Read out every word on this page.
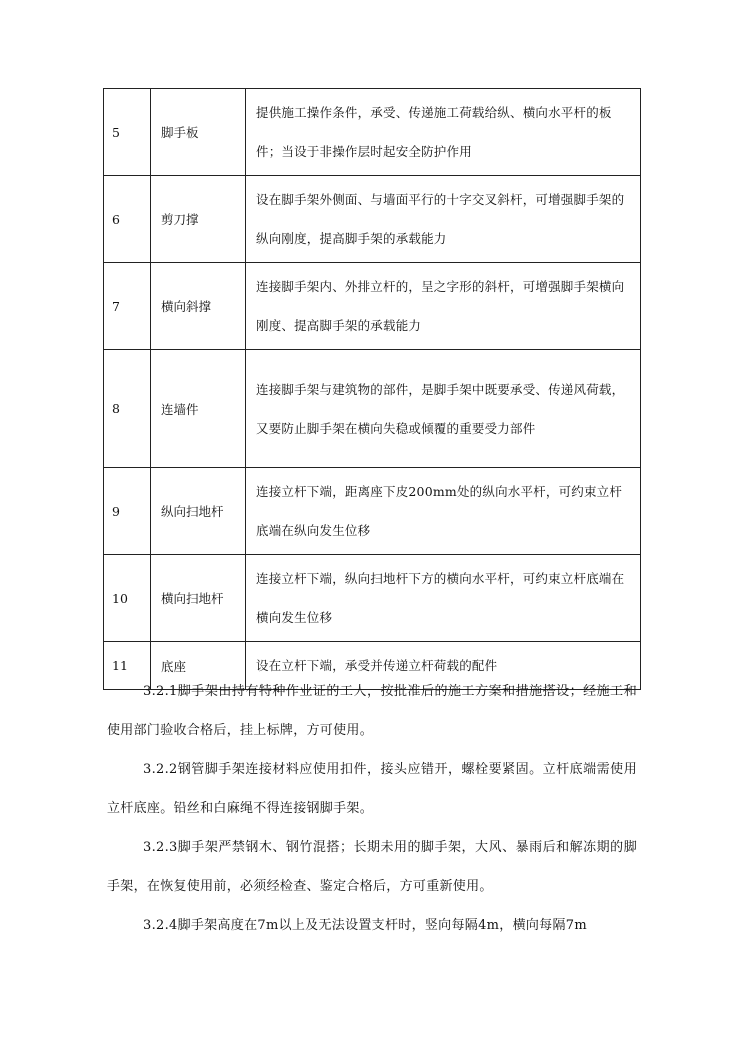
5	脚手板	提供施工操作条件，承受、传递施工荷载给纵、横向水平杆的板件；当设于非操作层时起安全防护作用
6	剪刀撑	设在脚手架外侧面、与墙面平行的十字交叉斜杆，可增强脚手架的纵向刚度，提高脚手架的承载能力
7	横向斜撑	连接脚手架内、外排立杆的，呈之字形的斜杆，可增强脚手架横向刚度、提高脚手架的承载能力
8	连墙件	连接脚手架与建筑物的部件，是脚手架中既要承受、传递风荷载，又要防止脚手架在横向失稳或倾覆的重要受力部件
9	纵向扫地杆	连接立杆下端，距离座下皮200mm处的纵向水平杆，可约束立杆底端在纵向发生位移
10	横向扫地杆	连接立杆下端，纵向扫地杆下方的横向水平杆，可约束立杆底端在横向发生位移
11	底座	设在立杆下端，承受并传递立杆荷载的配件

3.2.1脚手架由持有特种作业证的工人，按批准后的施工方案和措施搭设；经施工和使用部门验收合格后，挂上标牌，方可使用。

3.2.2钢管脚手架连接材料应使用扣件，接头应错开，螺栓要紧固。立杆底端需使用立杆底座。铅丝和白麻绳不得连接钢脚手架。

3.2.3脚手架严禁钢木、钢竹混搭；长期未用的脚手架，大风、暴雨后和解冻期的脚手架，在恢复使用前，必须经检查、鉴定合格后，方可重新使用。

3.2.4脚手架高度在7m以上及无法设置支杆时，竖向每隔4m，横向每隔7m
